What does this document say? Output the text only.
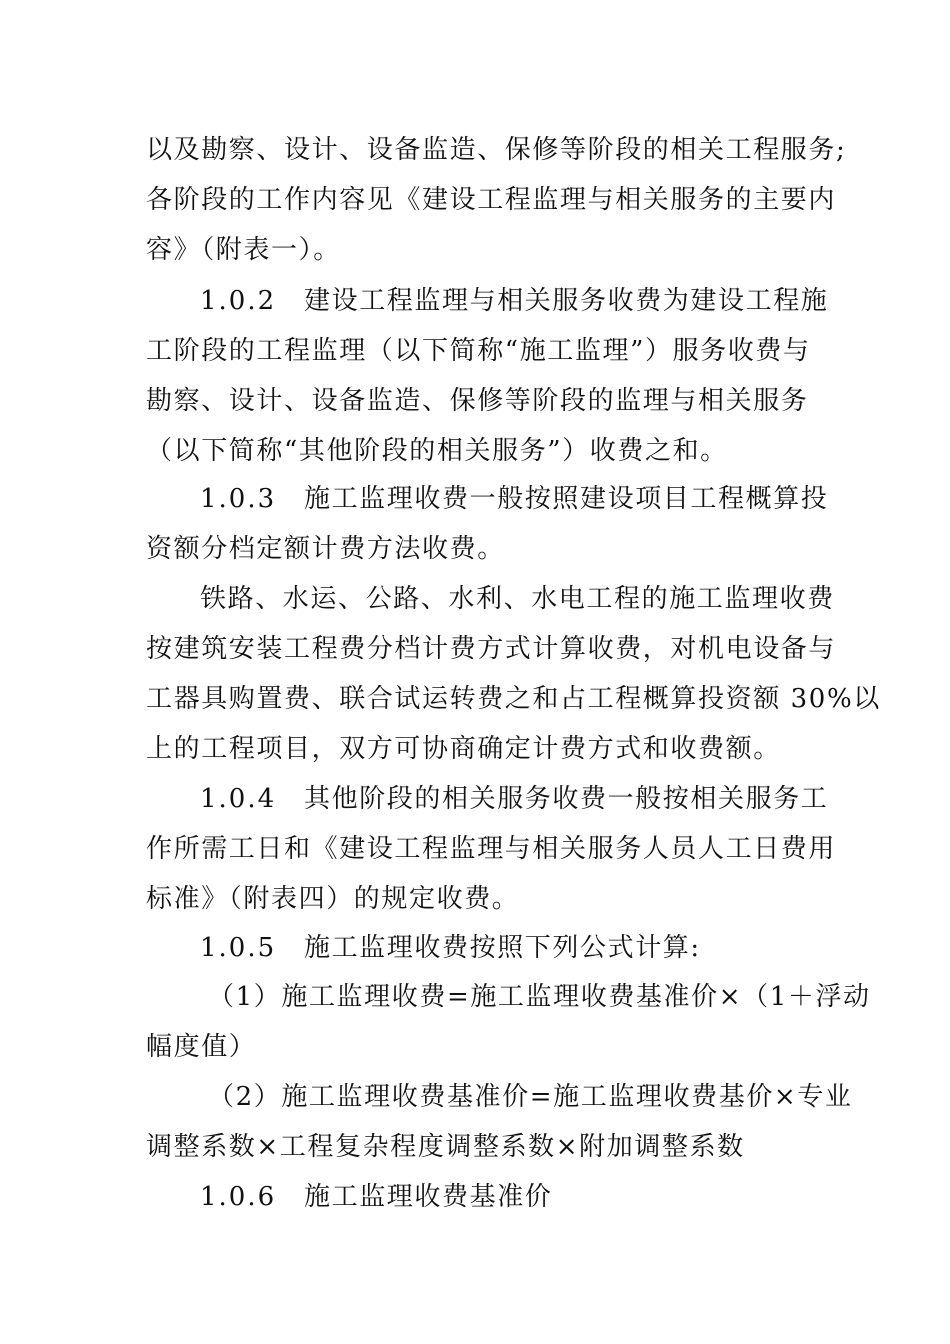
以及勘察、设计、设备监造、保修等阶段的相关工程服务;
各阶段的工作内容见《建设工程监理与相关服务的主要内
容》（附表一）。
1.0.2 建设工程监理与相关服务收费为建设工程施
工阶段的工程监理（以下简称“施工监理”）服务收费与
勘察、设计、设备监造、保修等阶段的监理与相关服务
（以下简称“其他阶段的相关服务”）收费之和。
1.0.3 施工监理收费一般按照建设项目工程概算投
资额分档定额计费方法收费。
铁路、水运、公路、水利、水电工程的施工监理收费
按建筑安装工程费分档计费方式计算收费，对机电设备与
工器具购置费、联合试运转费之和占工程概算投资额 30%以
上的工程项目，双方可协商确定计费方式和收费额。
1.0.4 其他阶段的相关服务收费一般按相关服务工
作所需工日和《建设工程监理与相关服务人员人工日费用
标准》（附表四）的规定收费。
1.0.5 施工监理收费按照下列公式计算:
（1）施工监理收费=施工监理收费基准价×（1＋浮动
幅度值）
（2）施工监理收费基准价=施工监理收费基价×专业
调整系数×工程复杂程度调整系数×附加调整系数
1.0.6 施工监理收费基准价
